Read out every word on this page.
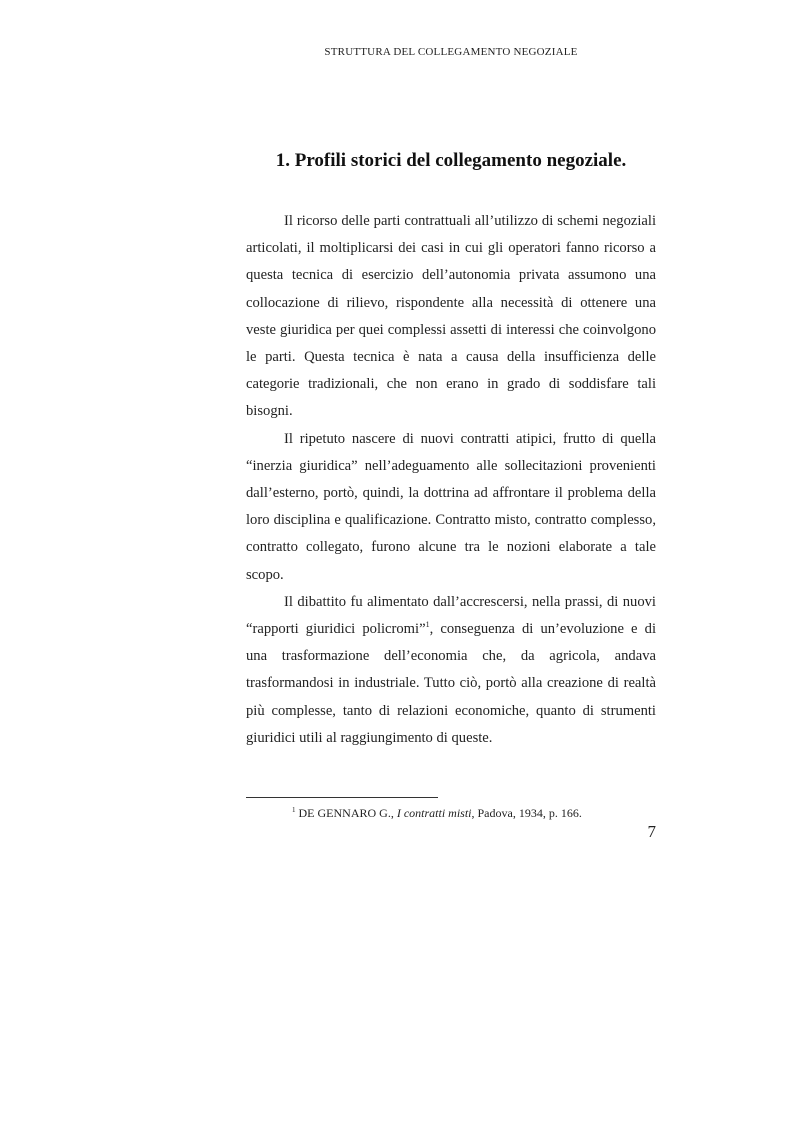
STRUTTURA DEL COLLEGAMENTO NEGOZIALE
1. Profili storici del collegamento negoziale.

Il ricorso delle parti contrattuali all’utilizzo di schemi negoziali articolati, il moltiplicarsi dei casi in cui gli operatori fanno ricorso a questa tecnica di esercizio dell’autonomia privata assumono una collocazione di rilievo, rispondente alla necessità di ottenere una veste giuridica per quei complessi assetti di interessi che coinvolgono le parti. Questa tecnica è nata a causa della insufficienza delle categorie tradizionali, che non erano in grado di soddisfare tali bisogni.

Il ripetuto nascere di nuovi contratti atipici, frutto di quella “inerzia giuridica” nell’adeguamento alle sollecitazioni provenienti dall’esterno, portò, quindi, la dottrina ad affrontare il problema della loro disciplina e qualificazione. Contratto misto, contratto complesso, contratto collegato, furono alcune tra le nozioni elaborate a tale scopo.

Il dibattito fu alimentato dall’accrescersi, nella prassi, di nuovi “rapporti giuridici policromi”$^1$, conseguenza di un’evoluzione e di una trasformazione dell’economia che, da agricola, andava trasformandosi in industriale. Tutto ciò, portò alla creazione di realtà più complesse, tanto di relazioni economiche, quanto di strumenti giuridici utili al raggiungimento di queste.

$^1$ DE GENNARO G., I contratti misti, Padova, 1934, p. 166.
7
